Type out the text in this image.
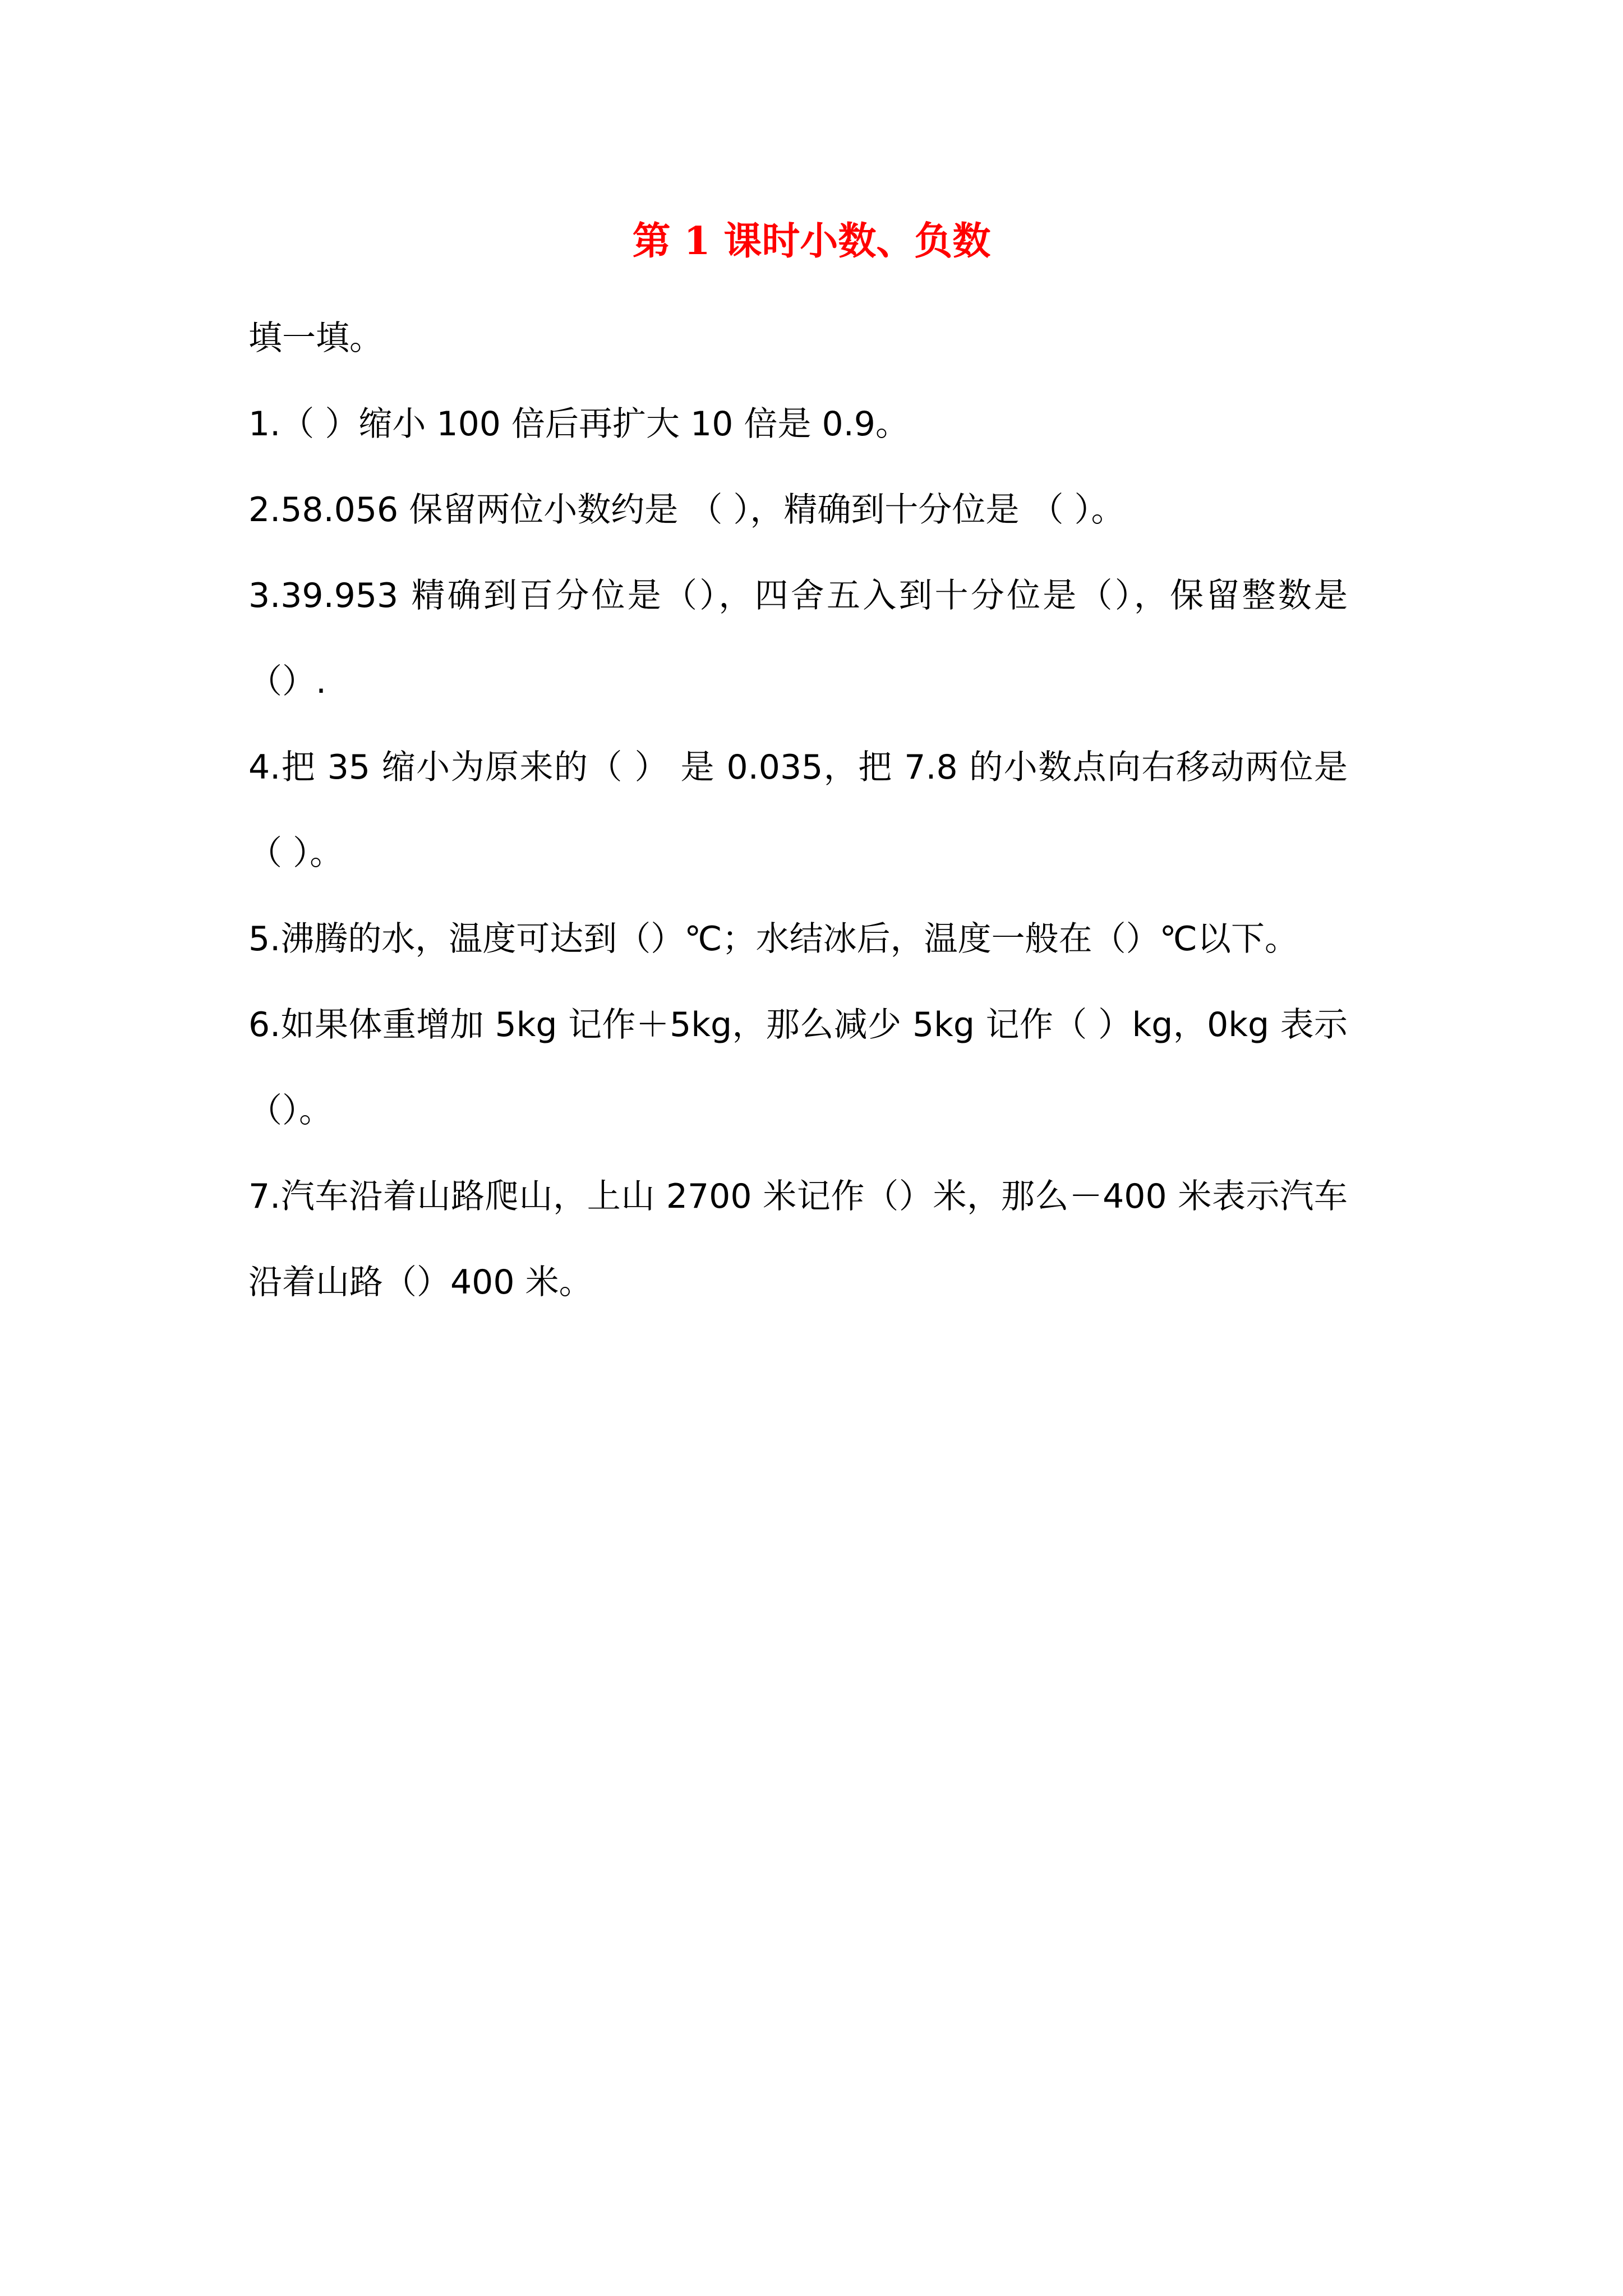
第 1 课时小数、负数

填一填。

1.（ ）缩小 100 倍后再扩大 10 倍是 0.9。

2.58.056 保留两位小数约是 （ ），精确到十分位是 （ ）。

3.39.953 精确到百分位是（），四舍五入到十分位是（），保留整数是（）.

4.把 35 缩小为原来的（ ） 是 0.035，把 7.8 的小数点向右移动两位是（ ）。

5.沸腾的水，温度可达到（）℃；水结冰后，温度一般在（）℃以下。

6.如果体重增加 5kg 记作＋5kg，那么减少 5kg 记作（ ）kg，0kg 表示（）。

7.汽车沿着山路爬山，上山 2700 米记作（）米，那么－400 米表示汽车沿着山路（）400 米。
